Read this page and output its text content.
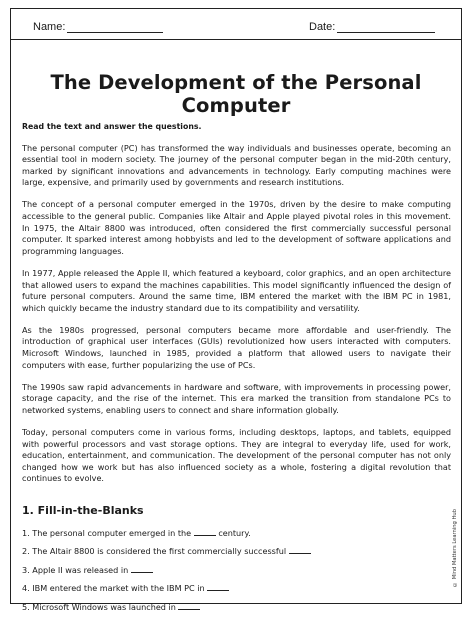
Name:	Date:
The Development of the Personal Computer

Read the text and answer the questions.

The personal computer (PC) has transformed the way individuals and businesses operate, becoming an essential tool in modern society. The journey of the personal computer began in the mid-20th century, marked by significant innovations and advancements in technology. Early computing machines were large, expensive, and primarily used by governments and research institutions.

The concept of a personal computer emerged in the 1970s, driven by the desire to make computing accessible to the general public. Companies like Altair and Apple played pivotal roles in this movement. In 1975, the Altair 8800 was introduced, often considered the first commercially successful personal computer. It sparked interest among hobbyists and led to the development of software applications and programming languages.

In 1977, Apple released the Apple II, which featured a keyboard, color graphics, and an open architecture that allowed users to expand the machines capabilities. This model significantly influenced the design of future personal computers. Around the same time, IBM entered the market with the IBM PC in 1981, which quickly became the industry standard due to its compatibility and versatility.

As the 1980s progressed, personal computers became more affordable and user-friendly. The introduction of graphical user interfaces (GUIs) revolutionized how users interacted with computers. Microsoft Windows, launched in 1985, provided a platform that allowed users to navigate their computers with ease, further popularizing the use of PCs.

The 1990s saw rapid advancements in hardware and software, with improvements in processing power, storage capacity, and the rise of the internet. This era marked the transition from standalone PCs to networked systems, enabling users to connect and share information globally.

Today, personal computers come in various forms, including desktops, laptops, and tablets, equipped with powerful processors and vast storage options. They are integral to everyday life, used for work, education, entertainment, and communication. The development of the personal computer has not only changed how we work but has also influenced society as a whole, fostering a digital revolution that continues to evolve.

1. Fill-in-the-Blanks
1. The personal computer emerged in the	century.
2. The Altair 8800 is considered the first commercially successful
3. Apple II was released in
4. IBM entered the market with the IBM PC in
5. Microsoft Windows was launched in
© Mind Matters Learning Hub
